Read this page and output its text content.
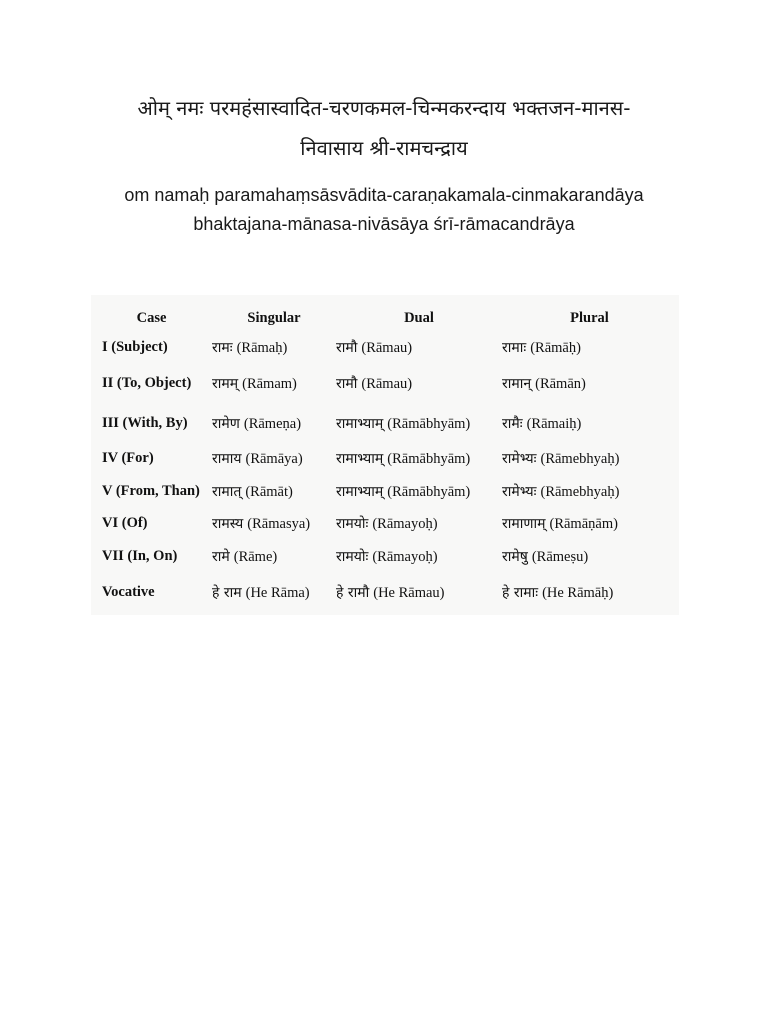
ओम् नमः परमहंसास्वादित-चरणकमल-चिन्मकरन्दाय भक्तजन-मानस-
निवासाय श्री-रामचन्द्राय
om namaḥ paramahaṃsāsvādita-caraṇakamala-cinmakarandāya
bhaktajana-mānasa-nivāsāya śrī-rāmacandrāya
Case	Singular	Dual	Plural
I (Subject)	रामः (Rāmaḥ)	रामौ (Rāmau)	रामाः (Rāmāḥ)
II (To, Object)	रामम् (Rāmam)	रामौ (Rāmau)	रामान् (Rāmān)
III (With, By)	रामेण (Rāmeṇa)	रामाभ्याम् (Rāmābhyām)	रामैः (Rāmaiḥ)
IV (For)	रामाय (Rāmāya)	रामाभ्याम् (Rāmābhyām)	रामेभ्यः (Rāmebhyaḥ)
V (From, Than)	रामात् (Rāmāt)	रामाभ्याम् (Rāmābhyām)	रामेभ्यः (Rāmebhyaḥ)
VI (Of)	रामस्य (Rāmasya)	रामयोः (Rāmayoḥ)	रामाणाम् (Rāmāṇām)
VII (In, On)	रामे (Rāme)	रामयोः (Rāmayoḥ)	रामेषु (Rāmeṣu)
Vocative	हे राम (He Rāma)	हे रामौ (He Rāmau)	हे रामाः (He Rāmāḥ)
